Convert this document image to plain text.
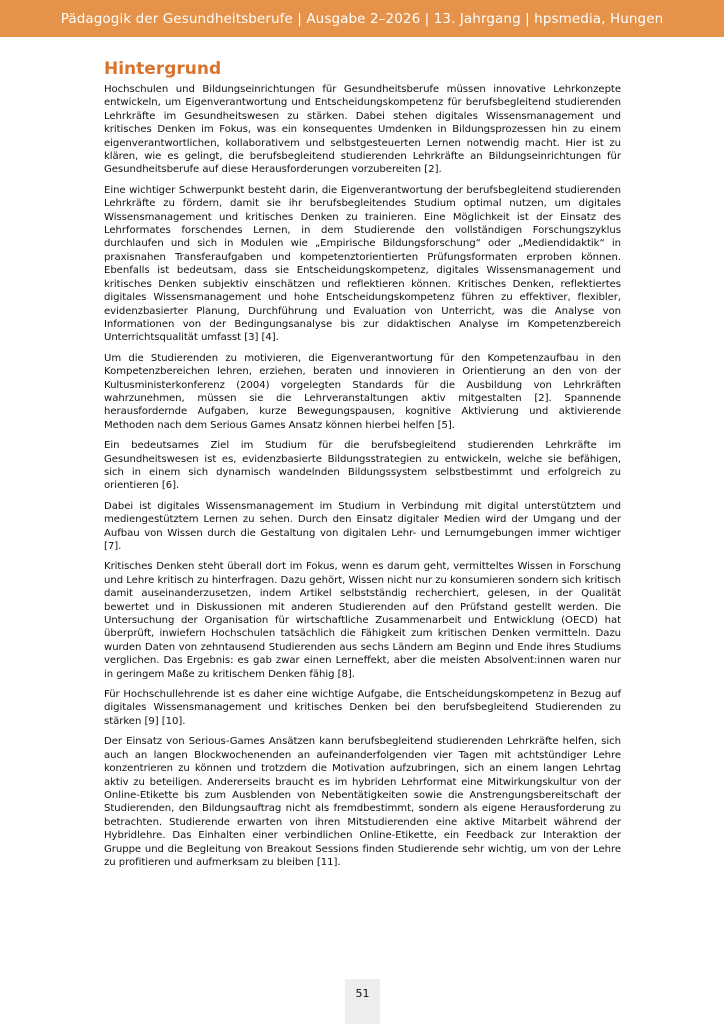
Pädagogik der Gesundheitsberufe | Ausgabe 2–2026 | 13. Jahrgang | hpsmedia, Hungen
Hintergrund

Hochschulen und Bildungseinrichtungen für Gesundheitsberufe müssen innovative Lehrkonzepte entwickeln, um Eigenverantwortung und Entscheidungskompetenz für berufsbegleitend studierenden Lehrkräfte im Gesundheitswesen zu stärken. Dabei stehen digitales Wissensmanagement und kritisches Denken im Fokus, was ein konsequentes Umdenken in Bildungsprozessen hin zu einem eigenverantwortlichen, kollaborativem und selbstgesteuerten Lernen notwendig macht. Hier ist zu klären, wie es gelingt, die berufsbegleitend studierenden Lehrkräfte an Bildungseinrichtungen für Gesundheitsberufe auf diese Herausforderungen vorzubereiten [2].

Eine wichtiger Schwerpunkt besteht darin, die Eigenverantwortung der berufsbegleitend studierenden Lehrkräfte zu fördern, damit sie ihr berufsbegleitendes Studium optimal nutzen, um digitales Wissensmanagement und kritisches Denken zu trainieren. Eine Möglichkeit ist der Einsatz des Lehrformates forschendes Lernen, in dem Studierende den vollständigen Forschungszyklus durchlaufen und sich in Modulen wie „Empirische Bildungsforschung“ oder „Mediendidaktik“ in praxisnahen Transferaufgaben und kompetenztorientierten Prüfungsformaten erproben können. Ebenfalls ist bedeutsam, dass sie Entscheidungskompetenz, digitales Wissensmanagement und kritisches Denken subjektiv einschätzen und reflektieren können. Kritisches Denken, reflektiertes digitales Wissensmanagement und hohe Entscheidungskompetenz führen zu effektiver, flexibler, evidenzbasierter Planung, Durchführung und Evaluation von Unterricht, was die Analyse von Informationen von der Bedingungsanalyse bis zur didaktischen Analyse im Kompetenzbereich Unterrichtsqualität umfasst [3] [4].

Um die Studierenden zu motivieren, die Eigenverantwortung für den Kompetenzaufbau in den Kompetenzbereichen lehren, erziehen, beraten und innovieren in Orientierung an den von der Kultusministerkonferenz (2004) vorgelegten Standards für die Ausbildung von Lehrkräften wahrzunehmen, müssen sie die Lehrveranstaltungen aktiv mitgestalten [2]. Spannende herausfordernde Aufgaben, kurze Bewegungspausen, kognitive Aktivierung und aktivierende Methoden nach dem Serious Games Ansatz können hierbei helfen [5].

Ein bedeutsames Ziel im Studium für die berufsbegleitend studierenden Lehrkräfte im Gesundheitswesen ist es, evidenzbasierte Bildungsstrategien zu entwickeln, welche sie befähigen, sich in einem sich dynamisch wandelnden Bildungssystem selbstbestimmt und erfolgreich zu orientieren [6].

Dabei ist digitales Wissensmanagement im Studium in Verbindung mit digital unterstütztem und mediengestütztem Lernen zu sehen. Durch den Einsatz digitaler Medien wird der Umgang und der Aufbau von Wissen durch die Gestaltung von digitalen Lehr- und Lernumgebungen immer wichtiger [7].

Kritisches Denken steht überall dort im Fokus, wenn es darum geht, vermitteltes Wissen in Forschung und Lehre kritisch zu hinterfragen. Dazu gehört, Wissen nicht nur zu konsumieren sondern sich kritisch damit auseinanderzusetzen, indem Artikel selbstständig recherchiert, gelesen, in der Qualität bewertet und in Diskussionen mit anderen Studierenden auf den Prüfstand gestellt werden. Die Untersuchung der Organisation für wirtschaftliche Zusammenarbeit und Entwicklung (OECD) hat überprüft, inwiefern Hochschulen tatsächlich die Fähigkeit zum kritischen Denken vermitteln. Dazu wurden Daten von zehntausend Studierenden aus sechs Ländern am Beginn und Ende ihres Studiums verglichen. Das Ergebnis: es gab zwar einen Lerneffekt, aber die meisten Absolvent:innen waren nur in geringem Maße zu kritischem Denken fähig [8].

Für Hochschullehrende ist es daher eine wichtige Aufgabe, die Entscheidungskompetenz in Bezug auf digitales Wissensmanagement und kritisches Denken bei den berufsbegleitend Studierenden zu stärken [9] [10].

Der Einsatz von Serious-Games Ansätzen kann berufsbegleitend studierenden Lehrkräfte helfen, sich auch an langen Blockwochenenden an aufeinanderfolgenden vier Tagen mit achtstündiger Lehre konzentrieren zu können und trotzdem die Motivation aufzubringen, sich an einem langen Lehrtag aktiv zu beteiligen. Andererseits braucht es im hybriden Lehrformat eine Mitwirkungskultur von der Online-Etikette bis zum Ausblenden von Nebentätigkeiten sowie die Anstrengungsbereitschaft der Studierenden, den Bildungsauftrag nicht als fremdbestimmt, sondern als eigene Herausforderung zu betrachten. Studierende erwarten von ihren Mitstudierenden eine aktive Mitarbeit während der Hybridlehre. Das Einhalten einer verbindlichen Online-Etikette, ein Feedback zur Interaktion der Gruppe und die Begleitung von Breakout Sessions finden Studierende sehr wichtig, um von der Lehre zu profitieren und aufmerksam zu bleiben [11].

51
